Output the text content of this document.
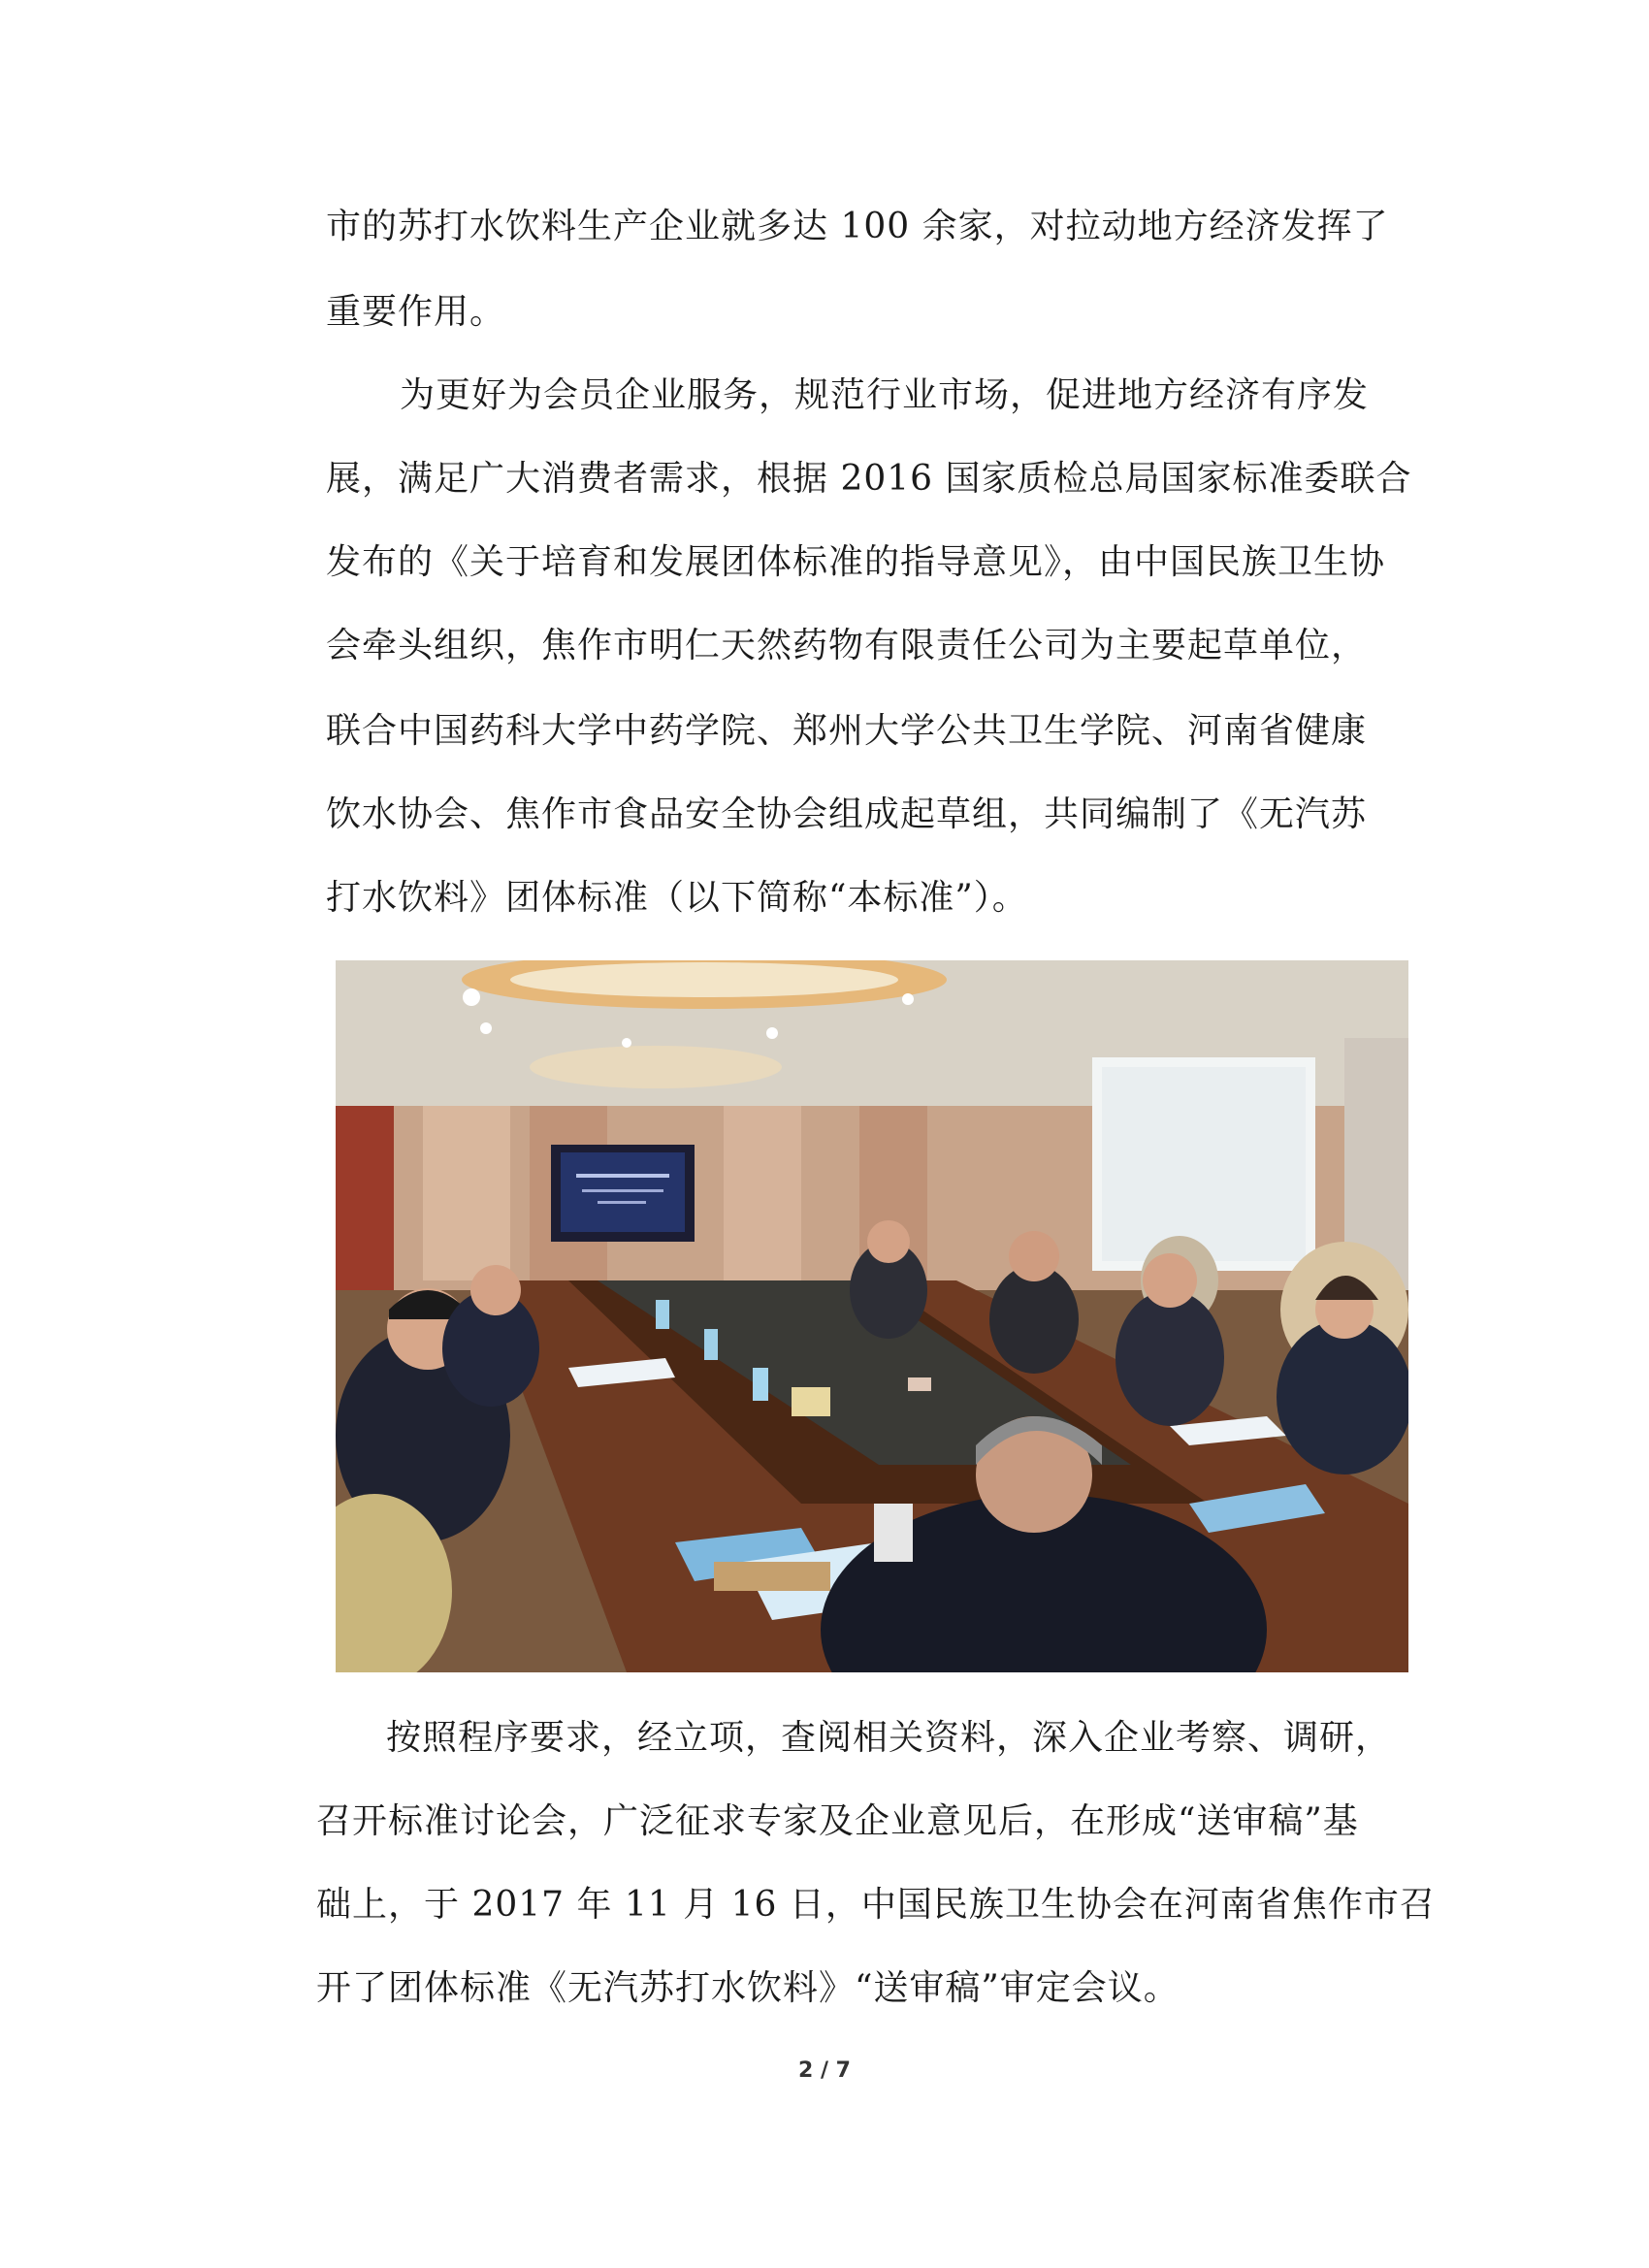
市的苏打水饮料生产企业就多达 100 余家，对拉动地方经济发挥了
重要作用。
为更好为会员企业服务，规范行业市场，促进地方经济有序发
展，满足广大消费者需求，根据 2016 国家质检总局国家标准委联合
发布的《关于培育和发展团体标准的指导意见》，由中国民族卫生协
会牵头组织，焦作市明仁天然药物有限责任公司为主要起草单位，
联合中国药科大学中药学院、郑州大学公共卫生学院、河南省健康
饮水协会、焦作市食品安全协会组成起草组，共同编制了《无汽苏
打水饮料》团体标准（以下简称“本标准”）。
按照程序要求，经立项，查阅相关资料，深入企业考察、调研，
召开标准讨论会，广泛征求专家及企业意见后，在形成“送审稿”基
础上，于 2017 年 11 月 16 日，中国民族卫生协会在河南省焦作市召
开了团体标准《无汽苏打水饮料》“送审稿”审定会议。
2 / 7
